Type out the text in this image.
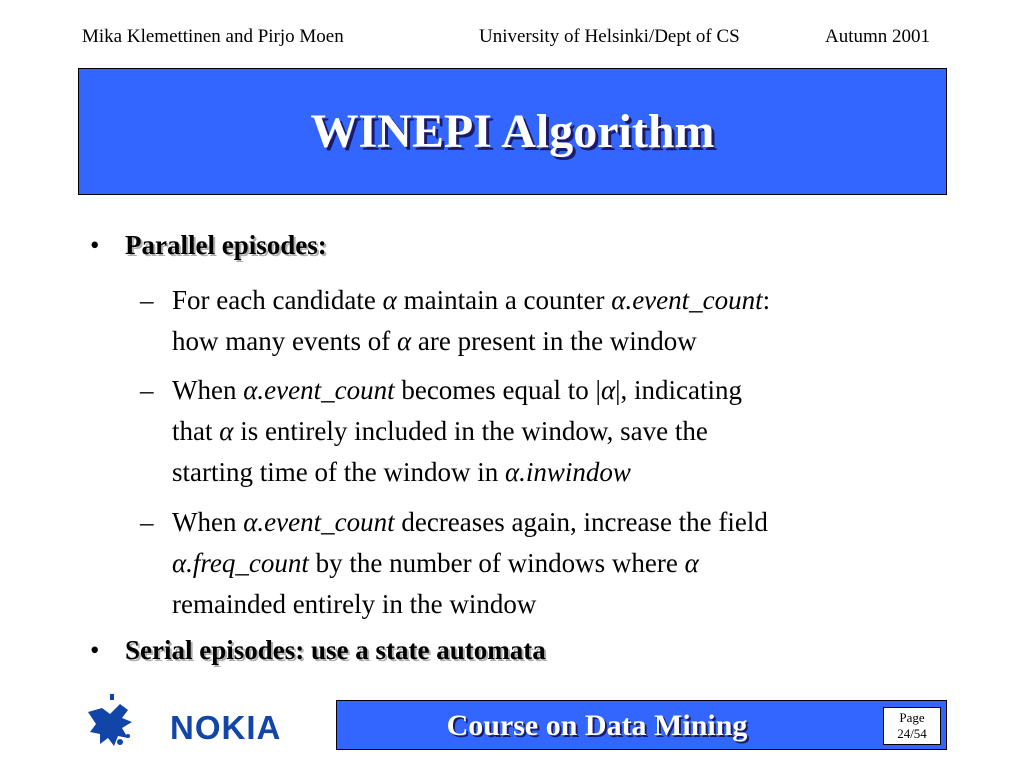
Mika Klemettinen and Pirjo Moen	University of Helsinki/Dept of CS	Autumn 2001
WINEPI Algorithm
• Parallel episodes:
– For each candidate α maintain a counter α.event_count:
how many events of α are present in the window
– When α.event_count becomes equal to |α|, indicating
that α is entirely included in the window, save the
starting time of the window in α.inwindow
– When α.event_count decreases again, increase the field
α.freq_count by the number of windows where α
remainded entirely in the window
• Serial episodes: use a state automata
NOKIA	Course on Data Mining	Page
24/54
